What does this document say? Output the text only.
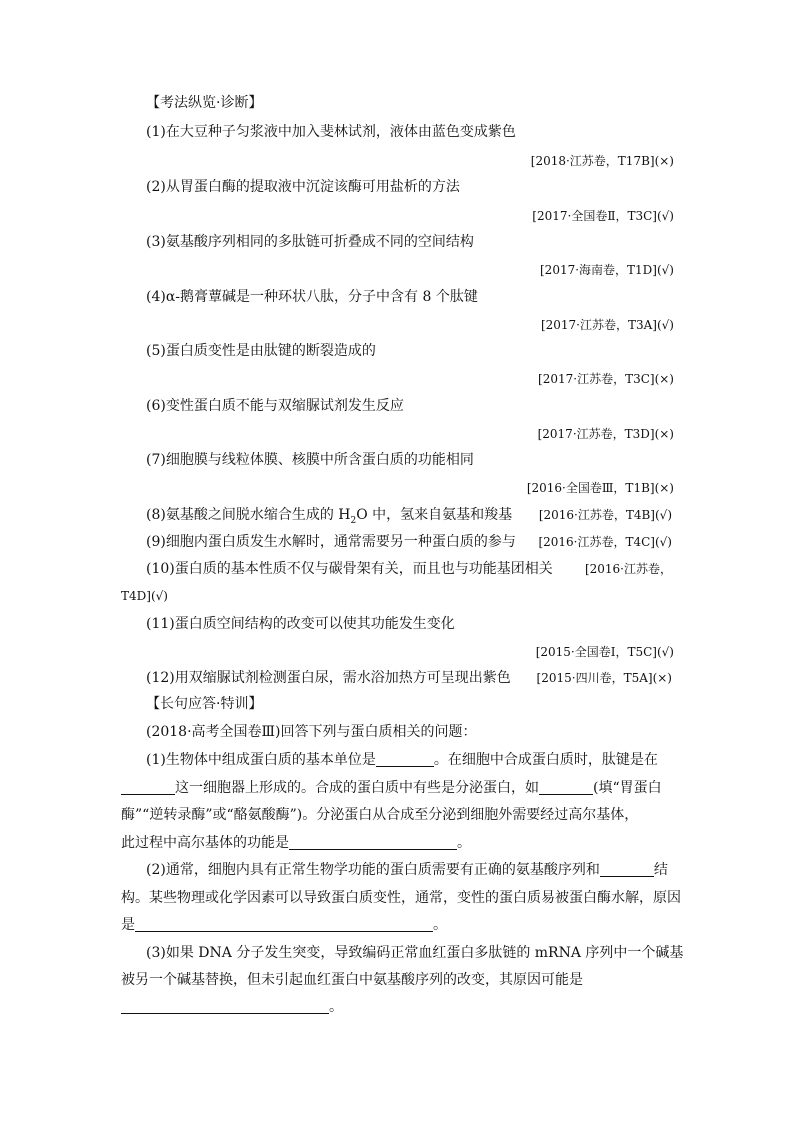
【考法纵览·诊断】
(1)在大豆种子匀浆液中加入斐林试剂，液体由蓝色变成紫色
[2018·江苏卷，T17B](×)
(2)从胃蛋白酶的提取液中沉淀该酶可用盐析的方法
[2017·全国卷Ⅱ，T3C](√)
(3)氨基酸序列相同的多肽链可折叠成不同的空间结构
[2017·海南卷，T1D](√)
(4)α-鹅膏蕈碱是一种环状八肽，分子中含有 8 个肽键
[2017·江苏卷，T3A](√)
(5)蛋白质变性是由肽键的断裂造成的
[2017·江苏卷，T3C](×)
(6)变性蛋白质不能与双缩脲试剂发生反应
[2017·江苏卷，T3D](×)
(7)细胞膜与线粒体膜、核膜中所含蛋白质的功能相同
[2016·全国卷Ⅲ，T1B](×)
(8)氨基酸之间脱水缩合生成的 $H_2O$ 中，氢来自氨基和羧基 [2016·江苏卷，T4B](√)
(9)细胞内蛋白质发生水解时，通常需要另一种蛋白质的参与 [2016·江苏卷，T4C](√)
(10)蛋白质的基本性质不仅与碳骨架有关，而且也与功能基团相关	[2016·江苏卷，
T4D](√)
(11)蛋白质空间结构的改变可以使其功能发生变化
[2015·全国卷Ⅰ，T5C](√)
(12)用双缩脲试剂检测蛋白尿，需水浴加热方可呈现出紫色 [2015·四川卷，T5A](×)
【长句应答·特训】
(2018·高考全国卷Ⅲ)回答下列与蛋白质相关的问题：
(1)生物体中组成蛋白质的基本单位是	。在细胞中合成蛋白质时，肽键是在
这一细胞器上形成的。合成的蛋白质中有些是分泌蛋白，如	(填“胃蛋白
酶”“逆转录酶”或“酪氨酸酶”)。分泌蛋白从合成至分泌到细胞外需要经过高尔基体，
此过程中高尔基体的功能是	。
(2)通常，细胞内具有正常生物学功能的蛋白质需要有正确的氨基酸序列和	结
构。某些物理或化学因素可以导致蛋白质变性，通常，变性的蛋白质易被蛋白酶水解，原因
是	。
(3)如果 DNA 分子发生突变，导致编码正常血红蛋白多肽链的 mRNA 序列中一个碱基
被另一个碱基替换，但未引起血红蛋白中氨基酸序列的改变，其原因可能是
。
